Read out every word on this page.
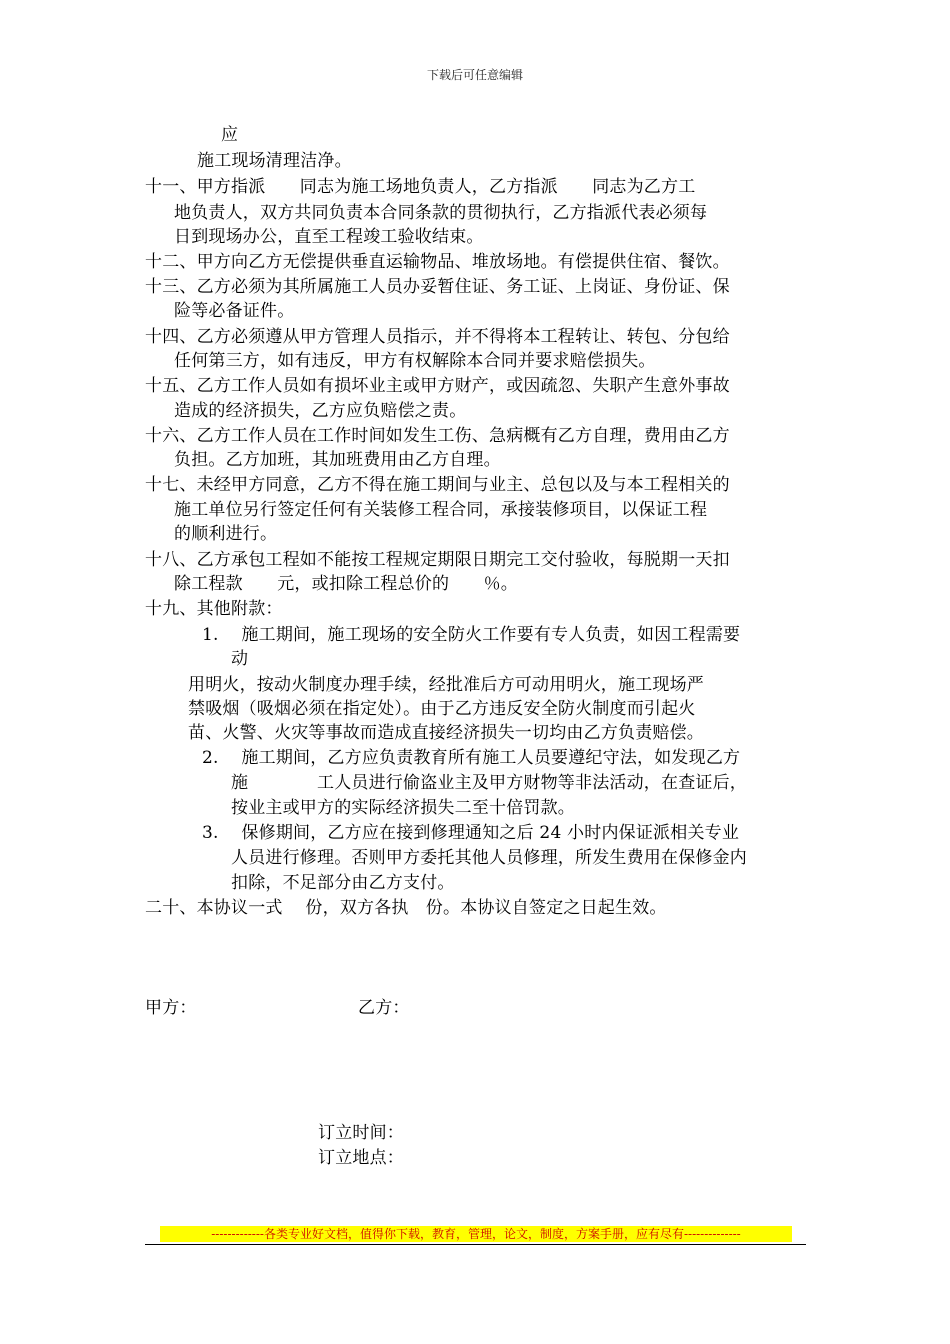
下载后可任意编辑
应
施工现场清理洁净。
十一、甲方指派　　同志为施工场地负责人，乙方指派　　同志为乙方工
地负责人，双方共同负责本合同条款的贯彻执行，乙方指派代表必须每
日到现场办公，直至工程竣工验收结束。
十二、甲方向乙方无偿提供垂直运输物品、堆放场地。有偿提供住宿、餐饮。
十三、乙方必须为其所属施工人员办妥暂住证、务工证、上岗证、身份证、保
险等必备证件。
十四、乙方必须遵从甲方管理人员指示，并不得将本工程转让、转包、分包给
任何第三方，如有违反，甲方有权解除本合同并要求赔偿损失。
十五、乙方工作人员如有损坏业主或甲方财产，或因疏忽、失职产生意外事故
造成的经济损失，乙方应负赔偿之责。
十六、乙方工作人员在工作时间如发生工伤、急病概有乙方自理，费用由乙方
负担。乙方加班，其加班费用由乙方自理。
十七、未经甲方同意，乙方不得在施工期间与业主、总包以及与本工程相关的
施工单位另行签定任何有关装修工程合同，承接装修项目，以保证工程
的顺利进行。
十八、乙方承包工程如不能按工程规定期限日期完工交付验收，每脱期一天扣
除工程款　　元，或扣除工程总价的　　％。
十九、其他附款：
1.　 施工期间，施工现场的安全防火工作要有专人负责，如因工程需要
动
用明火，按动火制度办理手续，经批准后方可动用明火，施工现场严
禁吸烟（吸烟必须在指定处）。由于乙方违反安全防火制度而引起火
苗、火警、火灾等事故而造成直接经济损失一切均由乙方负责赔偿。
2.　 施工期间，乙方应负责教育所有施工人员要遵纪守法，如发现乙方
施　　　　工人员进行偷盗业主及甲方财物等非法活动，在查证后，
按业主或甲方的实际经济损失二至十倍罚款。
3.　 保修期间，乙方应在接到修理通知之后 24 小时内保证派相关专业
人员进行修理。否则甲方委托其他人员修理，所发生费用在保修金内
扣除，不足部分由乙方支付。
二十、本协议一式　 份，双方各执　份。本协议自签定之日起生效。
甲方：	乙方：
订立时间：
订立地点：
-------------各类专业好文档，值得你下载，教育，管理，论文，制度，方案手册，应有尽有--------------
